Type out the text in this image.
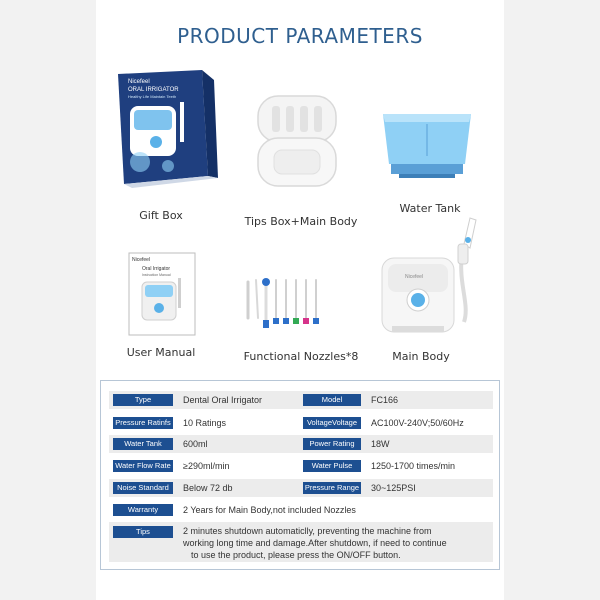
PRODUCT PARAMETERS
Nicefeel
ORAL IRRIGATOR
Healthy Life Maintain Teeth
Gift Box	Tips Box+Main Body
Water Tank
Nicefeel
Oral Irrigator
Instruction Manual
User Manual	Functional Nozzles*8
Nicefeel
Main Body
Type	Dental Oral Irrigator	Model	FC166
Pressure Ratinfs 10 Ratings	VoltageVoltage	AC100V-240V;50/60Hz
Water Tank	600ml	Power Rating	18W
Water Flow Rate ≥290ml/min	Water Pulse	1250-1700 times/min
Noise Standard	Below 72 db	Pressure Range 30~125PSI
Warranty	2 Years for Main Body,not included Nozzles
Tips	2 minutes shutdown automaticlly, preventing the machine from
working long time and damage.After shutdown, if need to continue
to use the product, please press the ON/OFF button.
